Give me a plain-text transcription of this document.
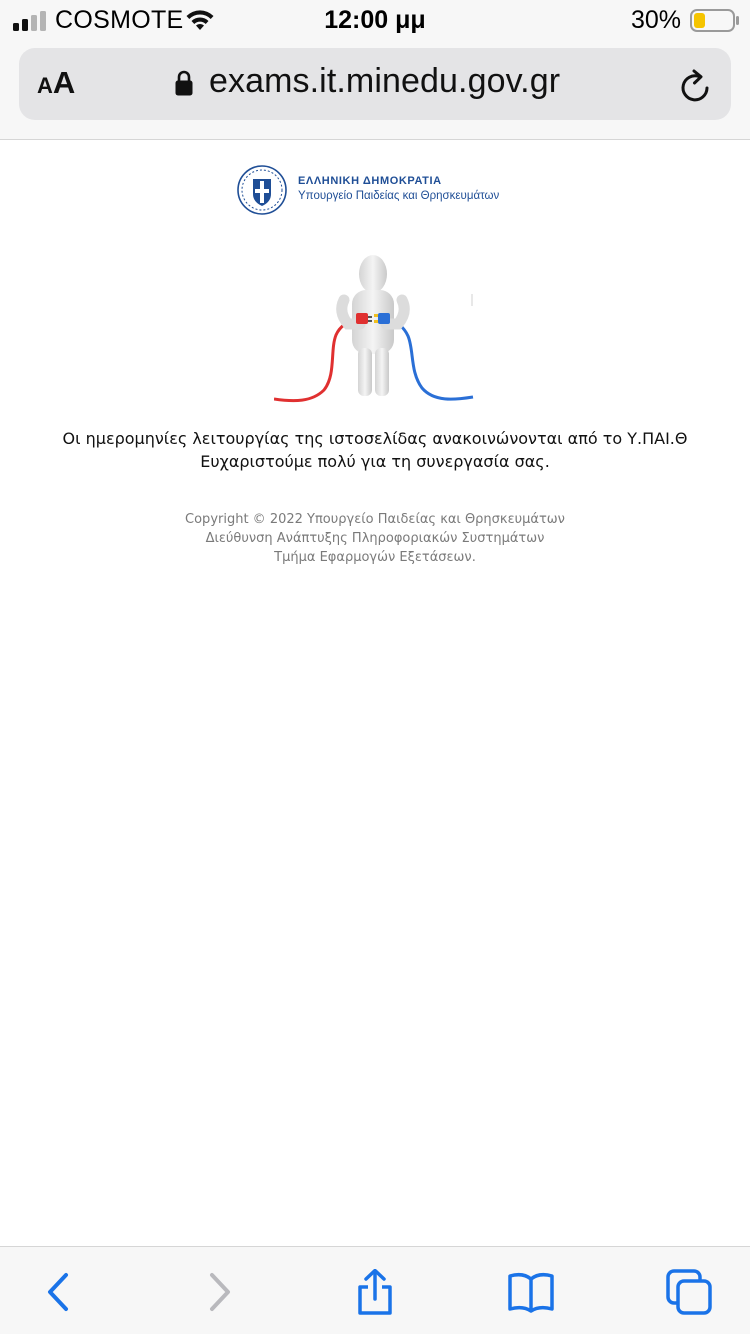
COSMOTE	12:00 μμ	30%
AA	exams.it.minedu.gov.gr
ΕΛΛΗΝΙΚΗ ΔΗΜΟΚΡΑΤΙΑ
Υπουργείο Παιδείας και Θρησκευμάτων
Οι ημερομηνίες λειτουργίας της ιστοσελίδας ανακοινώνονται από το Υ.ΠΑΙ.Θ
Ευχαριστούμε πολύ για τη συνεργασία σας.
Copyright © 2022 Υπουργείο Παιδείας και Θρησκευμάτων
Διεύθυνση Ανάπτυξης Πληροφοριακών Συστημάτων
Τμήμα Εφαρμογών Εξετάσεων.
